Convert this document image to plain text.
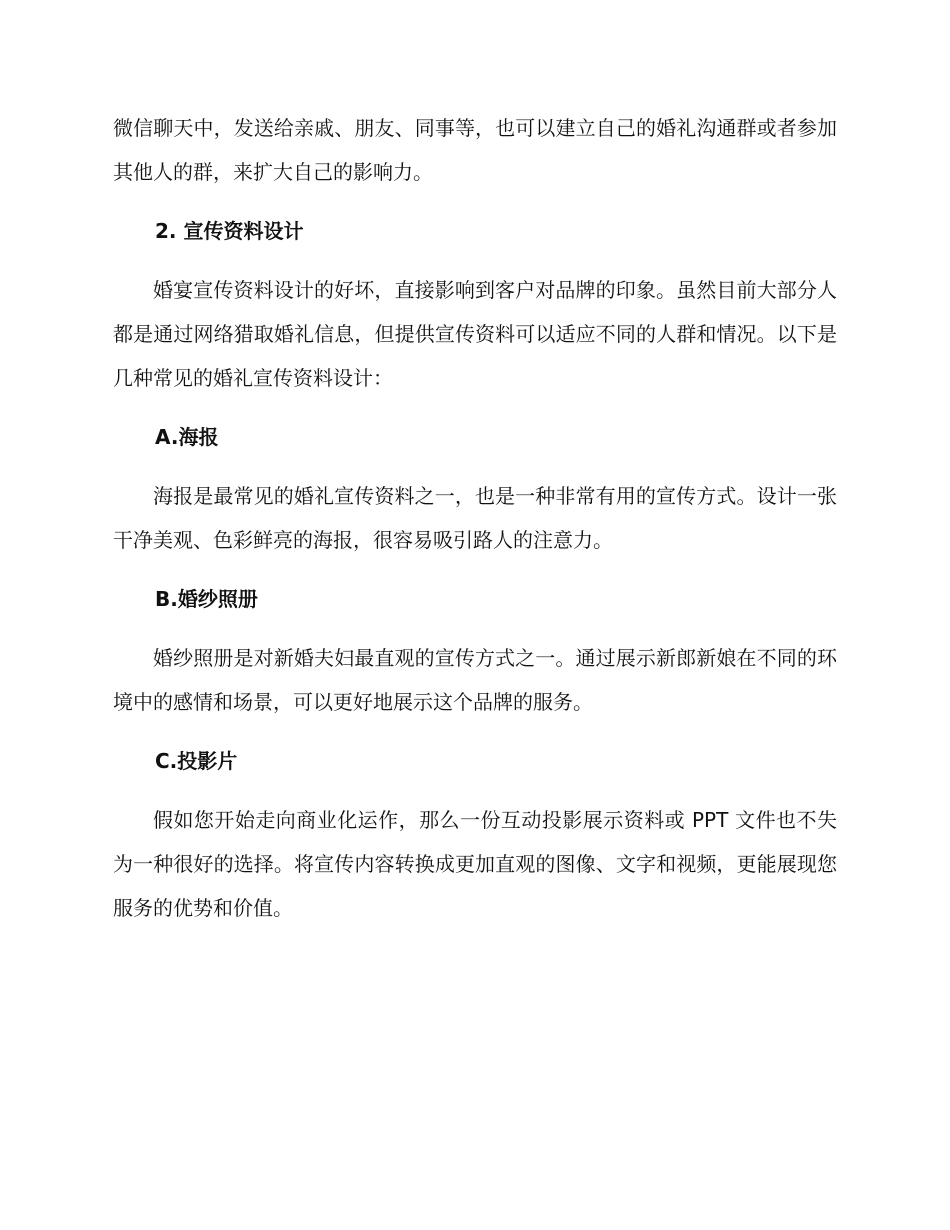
微信聊天中，发送给亲戚、朋友、同事等，也可以建立自己的婚礼沟通群或者参加其他人的群，来扩大自己的影响力。

2. 宣传资料设计

婚宴宣传资料设计的好坏，直接影响到客户对品牌的印象。虽然目前大部分人都是通过网络猎取婚礼信息，但提供宣传资料可以适应不同的人群和情况。以下是几种常见的婚礼宣传资料设计：

A.海报

海报是最常见的婚礼宣传资料之一，也是一种非常有用的宣传方式。设计一张干净美观、色彩鲜亮的海报，很容易吸引路人的注意力。

B.婚纱照册

婚纱照册是对新婚夫妇最直观的宣传方式之一。通过展示新郎新娘在不同的环境中的感情和场景，可以更好地展示这个品牌的服务。

C.投影片

假如您开始走向商业化运作，那么一份互动投影展示资料或 PPT 文件也不失为一种很好的选择。将宣传内容转换成更加直观的图像、文字和视频，更能展现您服务的优势和价值。
